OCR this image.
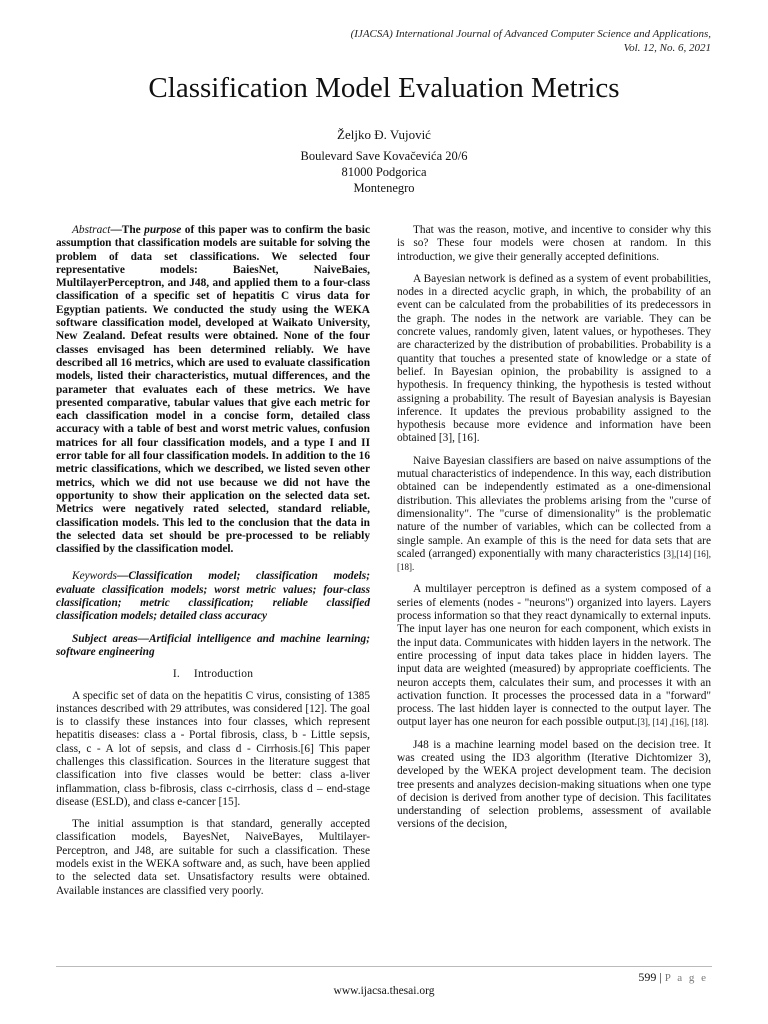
(IJACSA) International Journal of Advanced Computer Science and Applications,
Vol. 12, No. 6, 2021
Classification Model Evaluation Metrics
Željko Đ. Vujović
Boulevard Save Kovačevića 20/6
81000 Podgorica
Montenegro

Abstract—The purpose of this paper was to confirm the basic assumption that classification models are suitable for solving the problem of data set classifications. We selected four representative models: BaiesNet, NaiveBaies, MultilayerPerceptron, and J48, and applied them to a four-class classification of a specific set of hepatitis C virus data for Egyptian patients. We conducted the study using the WEKA software classification model, developed at Waikato University, New Zealand. Defeat results were obtained. None of the four classes envisaged has been determined reliably. We have described all 16 metrics, which are used to evaluate classification models, listed their characteristics, mutual differences, and the parameter that evaluates each of these metrics. We have presented comparative, tabular values that give each metric for each classification model in a concise form, detailed class accuracy with a table of best and worst metric values, confusion matrices for all four classification models, and a type I and II error table for all four classification models. In addition to the 16 metric classifications, which we described, we listed seven other metrics, which we did not use because we did not have the opportunity to show their application on the selected data set. Metrics were negatively rated selected, standard reliable, classification models. This led to the conclusion that the data in the selected data set should be pre-processed to be reliably classified by the classification model.

Keywords—Classification model; classification models; evaluate classification models; worst metric values; four-class classification; metric classification; reliable classified classification models; detailed class accuracy

Subject areas—Artificial intelligence and machine learning; software engineering

I. Introduction

A specific set of data on the hepatitis C virus, consisting of 1385 instances described with 29 attributes, was considered [12]. The goal is to classify these instances into four classes, which represent hepatitis diseases: class a - Portal fibrosis, class, b - Little sepsis, class, c - A lot of sepsis, and class d - Cirrhosis.[6] This paper challenges this classification. Sources in the literature suggest that classification into five classes would be better: class a-liver inflammation, class b-fibrosis, class c-cirrhosis, class d – end-stage disease (ESLD), and class e-cancer [15].

The initial assumption is that standard, generally accepted classification models, BayesNet, NaiveBayes, Multilayer-Perceptron, and J48, are suitable for such a classification. These models exist in the WEKA software and, as such, have been applied to the selected data set. Unsatisfactory results were obtained. Available instances are classified very poorly.

That was the reason, motive, and incentive to consider why this is so? These four models were chosen at random. In this introduction, we give their generally accepted definitions.

A Bayesian network is defined as a system of event probabilities, nodes in a directed acyclic graph, in which, the probability of an event can be calculated from the probabilities of its predecessors in the graph. The nodes in the network are variable. They can be concrete values, randomly given, latent values, or hypotheses. They are characterized by the distribution of probabilities. Probability is a quantity that touches a presented state of knowledge or a state of belief. In Bayesian opinion, the probability is assigned to a hypothesis. In frequency thinking, the hypothesis is tested without assigning a probability. The result of Bayesian analysis is Bayesian inference. It updates the previous probability assigned to the hypothesis because more evidence and information have been obtained [3], [16].

Naive Bayesian classifiers are based on naive assumptions of the mutual characteristics of independence. In this way, each distribution obtained can be independently estimated as a one-dimensional distribution. This alleviates the problems arising from the "curse of dimensionality". The "curse of dimensionality" is the problematic nature of the number of variables, which can be collected from a single sample. An example of this is the need for data sets that are scaled (arranged) exponentially with many characteristics [3],[14] [16], [18].

A multilayer perceptron is defined as a system composed of a series of elements (nodes - "neurons") organized into layers. Layers process information so that they react dynamically to external inputs. The input layer has one neuron for each component, which exists in the input data. Communicates with hidden layers in the network. The entire processing of input data takes place in hidden layers. The input data are weighted (measured) by appropriate coefficients. The neuron accepts them, calculates their sum, and processes it with an activation function. It processes the processed data in a "forward" process. The last hidden layer is connected to the output layer. The output layer has one neuron for each possible output.[3], [14] ,[16], [18].

J48 is a machine learning model based on the decision tree. It was created using the ID3 algorithm (Iterative Dichtomizer 3), developed by the WEKA project development team. The decision tree presents and analyzes decision-making situations when one type of decision is derived from another type of decision. This facilitates understanding of selection problems, assessment of available versions of the decision,

599 | P a g e
www.ijacsa.thesai.org
